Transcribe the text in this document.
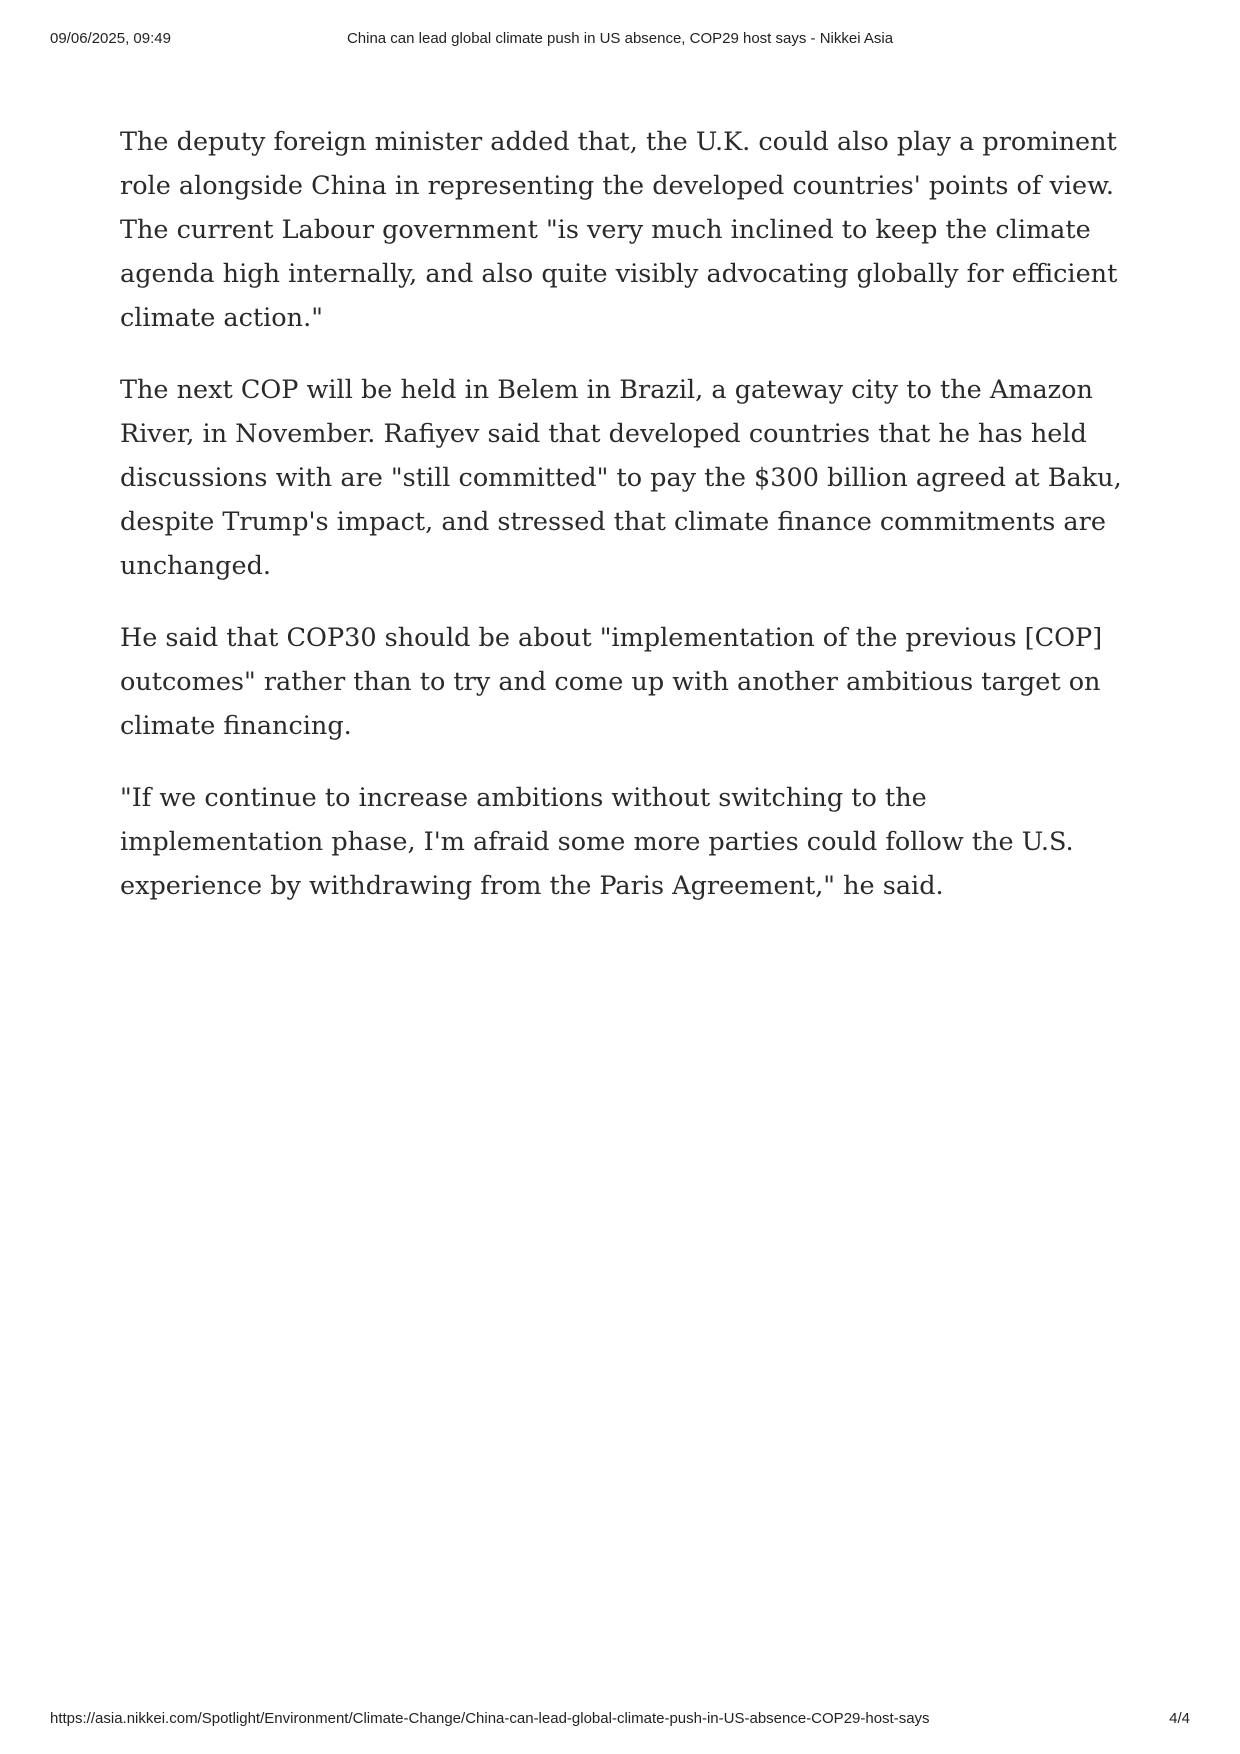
09/06/2025, 09:49	China can lead global climate push in US absence, COP29 host says - Nikkei Asia

The deputy foreign minister added that, the U.K. could also play a prominent role alongside China in representing the developed countries' points of view. The current Labour government "is very much inclined to keep the climate agenda high internally, and also quite visibly advocating globally for efficient climate action."

The next COP will be held in Belem in Brazil, a gateway city to the Amazon River, in November. Rafiyev said that developed countries that he has held discussions with are "still committed" to pay the $300 billion agreed at Baku, despite Trump's impact, and stressed that climate finance commitments are unchanged.

He said that COP30 should be about "implementation of the previous [COP] outcomes" rather than to try and come up with another ambitious target on climate financing.

"If we continue to increase ambitions without switching to the implementation phase, I'm afraid some more parties could follow the U.S. experience by withdrawing from the Paris Agreement," he said.

https://asia.nikkei.com/Spotlight/Environment/Climate-Change/China-can-lead-global-climate-push-in-US-absence-COP29-host-says	4/4
